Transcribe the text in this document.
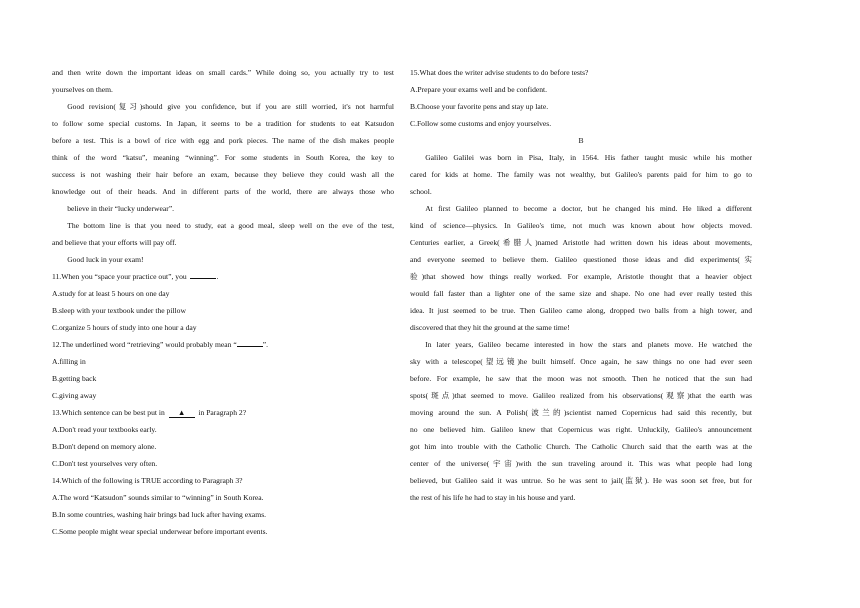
and then write down the important ideas on small cards.” While doing so, you actually try to test

yourselves on them.

Good revision(复习)should give you confidence, but if you are still worried, it's not harmful

to follow some special customs. In Japan, it seems to be a tradition for students to eat Katsudon

before a test. This is a bowl of rice with egg and pork pieces. The name of the dish makes people

think of the word “katsu”, meaning “winning”. For some students in South Korea, the key to

success is not washing their hair before an exam, because they believe they could wash all the

knowledge out of their heads. And in different parts of the world, there are always those who

believe in their “lucky underwear”.

The bottom line is that you need to study, eat a good meal, sleep well on the eve of the test,

and believe that your efforts will pay off.

Good luck in your exam!

11.When you “space your practice out”, you	.

A.study for at least 5 hours on one day

B.sleep with your textbook under the pillow

C.organize 5 hours of study into one hour a day

12.The underlined word “retrieving” would probably mean “	”.

A.filling in

B.getting back

C.giving away

13.Which sentence can be best put in ▲ in Paragraph 2?

A.Don't read your textbooks early.

B.Don't depend on memory alone.

C.Don't test yourselves very often.

14.Which of the following is TRUE according to Paragraph 3?

A.The word “Katsudon” sounds similar to “winning” in South Korea.

B.In some countries, washing hair brings bad luck after having exams.

C.Some people might wear special underwear before important events.

15.What does the writer advise students to do before tests?

A.Prepare your exams well and be confident.

B.Choose your favorite pens and stay up late.

C.Follow some customs and enjoy yourselves.

B

Galileo Galilei was born in Pisa, Italy, in 1564. His father taught music while his mother

cared for kids at home. The family was not wealthy, but Galileo's parents paid for him to go to

school.

At first Galileo planned to become a doctor, but he changed his mind. He liked a different

kind of science—physics. In Galileo's time, not much was known about how objects moved.

Centuries earlier, a Greek(希腊人)named Aristotle had written down his ideas about movements,

and everyone seemed to believe them. Galileo questioned those ideas and did experiments(实

验)that showed how things really worked. For example, Aristotle thought that a heavier object

would fall faster than a lighter one of the same size and shape. No one had ever really tested this

idea. It just seemed to be true. Then Galileo came along, dropped two balls from a high tower, and

discovered that they hit the ground at the same time!

In later years, Galileo became interested in how the stars and planets move. He watched the

sky with a telescope(望远镜)he built himself. Once again, he saw things no one had ever seen

before. For example, he saw that the moon was not smooth. Then he noticed that the sun had

spots(斑点)that seemed to move. Galileo realized from his observations(观察)that the earth was

moving around the sun. A Polish(波兰的)scientist named Copernicus had said this recently, but

no one believed him. Galileo knew that Copernicus was right. Unluckily, Galileo's announcement

got him into trouble with the Catholic Church. The Catholic Church said that the earth was at the

center of the universe(宇宙)with the sun traveling around it. This was what people had long

believed, but Galileo said it was untrue. So he was sent to jail(监狱). He was soon set free, but for

the rest of his life he had to stay in his house and yard.
